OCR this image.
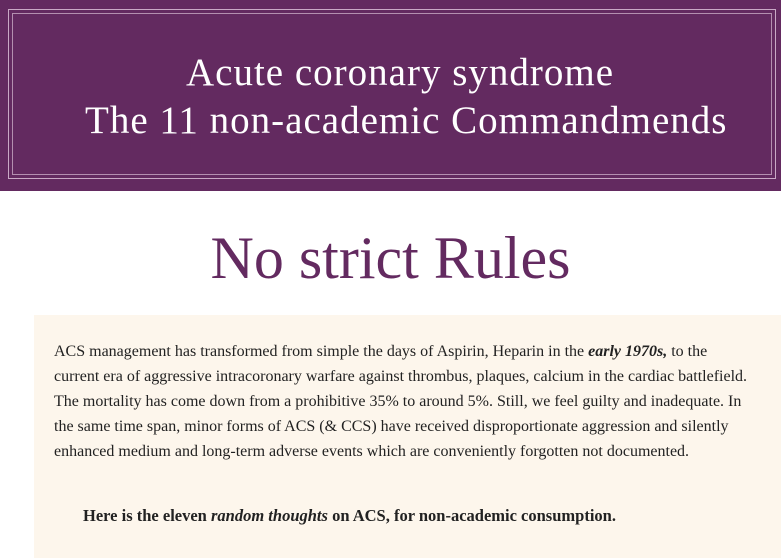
Acute coronary syndrome
The 11 non-academic Commandmends
No strict Rules

ACS management has transformed from simple the days of Aspirin, Heparin in the early 1970s, to the current era of aggressive intracoronary warfare against thrombus, plaques, calcium in the cardiac battlefield. The mortality has come down from a prohibitive 35% to around 5%. Still, we feel guilty and inadequate. In the same time span, minor forms of ACS (& CCS) have received disproportionate aggression and silently enhanced medium and long-term adverse events which are conveniently forgotten not documented.

Here is the eleven random thoughts on ACS, for non-academic consumption.
